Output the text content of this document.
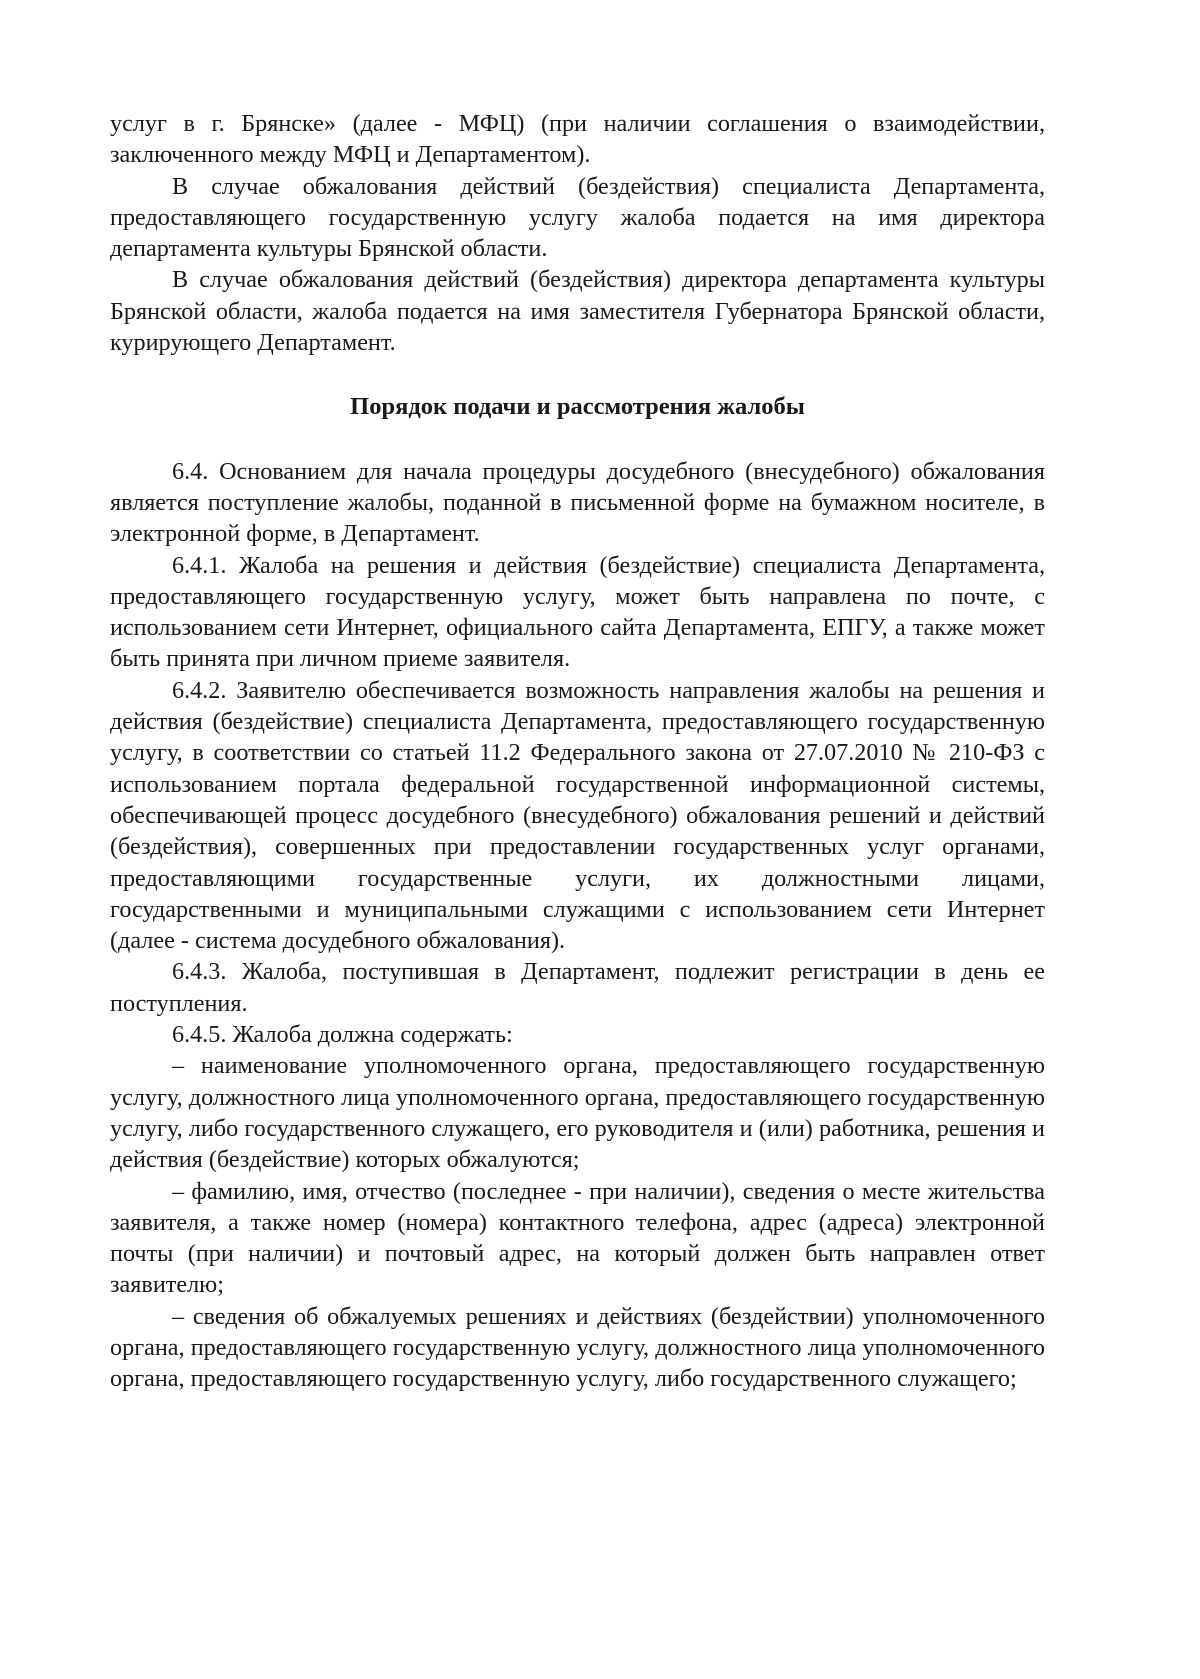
услуг в г. Брянске» (далее - МФЦ) (при наличии соглашения о взаимодействии, заключенного между МФЦ и Департаментом).

В случае обжалования действий (бездействия) специалиста Департамента, предоставляющего государственную услугу жалоба подается на имя директора департамента культуры Брянской области.

В случае обжалования действий (бездействия) директора департамента культуры Брянской области, жалоба подается на имя заместителя Губернатора Брянской области, курирующего Департамент.

Порядок подачи и рассмотрения жалобы

6.4. Основанием для начала процедуры досудебного (внесудебного) обжалования является поступление жалобы, поданной в письменной форме на бумажном носителе, в электронной форме, в Департамент.

6.4.1. Жалоба на решения и действия (бездействие) специалиста Департамента, предоставляющего государственную услугу, может быть направлена по почте, с использованием сети Интернет, официального сайта Департамента, ЕПГУ, а также может быть принята при личном приеме заявителя.

6.4.2. Заявителю обеспечивается возможность направления жалобы на решения и действия (бездействие) специалиста Департамента, предоставляющего государственную услугу, в соответствии со статьей 11.2 Федерального закона от 27.07.2010 № 210-ФЗ с использованием портала федеральной государственной информационной системы, обеспечивающей процесс досудебного (внесудебного) обжалования решений и действий (бездействия), совершенных при предоставлении государственных услуг органами, предоставляющими государственные услуги, их должностными лицами, государственными и муниципальными служащими с использованием сети Интернет (далее - система досудебного обжалования).

6.4.3. Жалоба, поступившая в Департамент, подлежит регистрации в день ее поступления.

6.4.5. Жалоба должна содержать:

– наименование уполномоченного органа, предоставляющего государственную услугу, должностного лица уполномоченного органа, предоставляющего государственную услугу, либо государственного служащего, его руководителя и (или) работника, решения и действия (бездействие) которых обжалуются;

– фамилию, имя, отчество (последнее - при наличии), сведения о месте жительства заявителя, а также номер (номера) контактного телефона, адрес (адреса) электронной почты (при наличии) и почтовый адрес, на который должен быть направлен ответ заявителю;

– сведения об обжалуемых решениях и действиях (бездействии) уполномоченного органа, предоставляющего государственную услугу, должностного лица уполномоченного органа, предоставляющего государственную услугу, либо государственного служащего;
